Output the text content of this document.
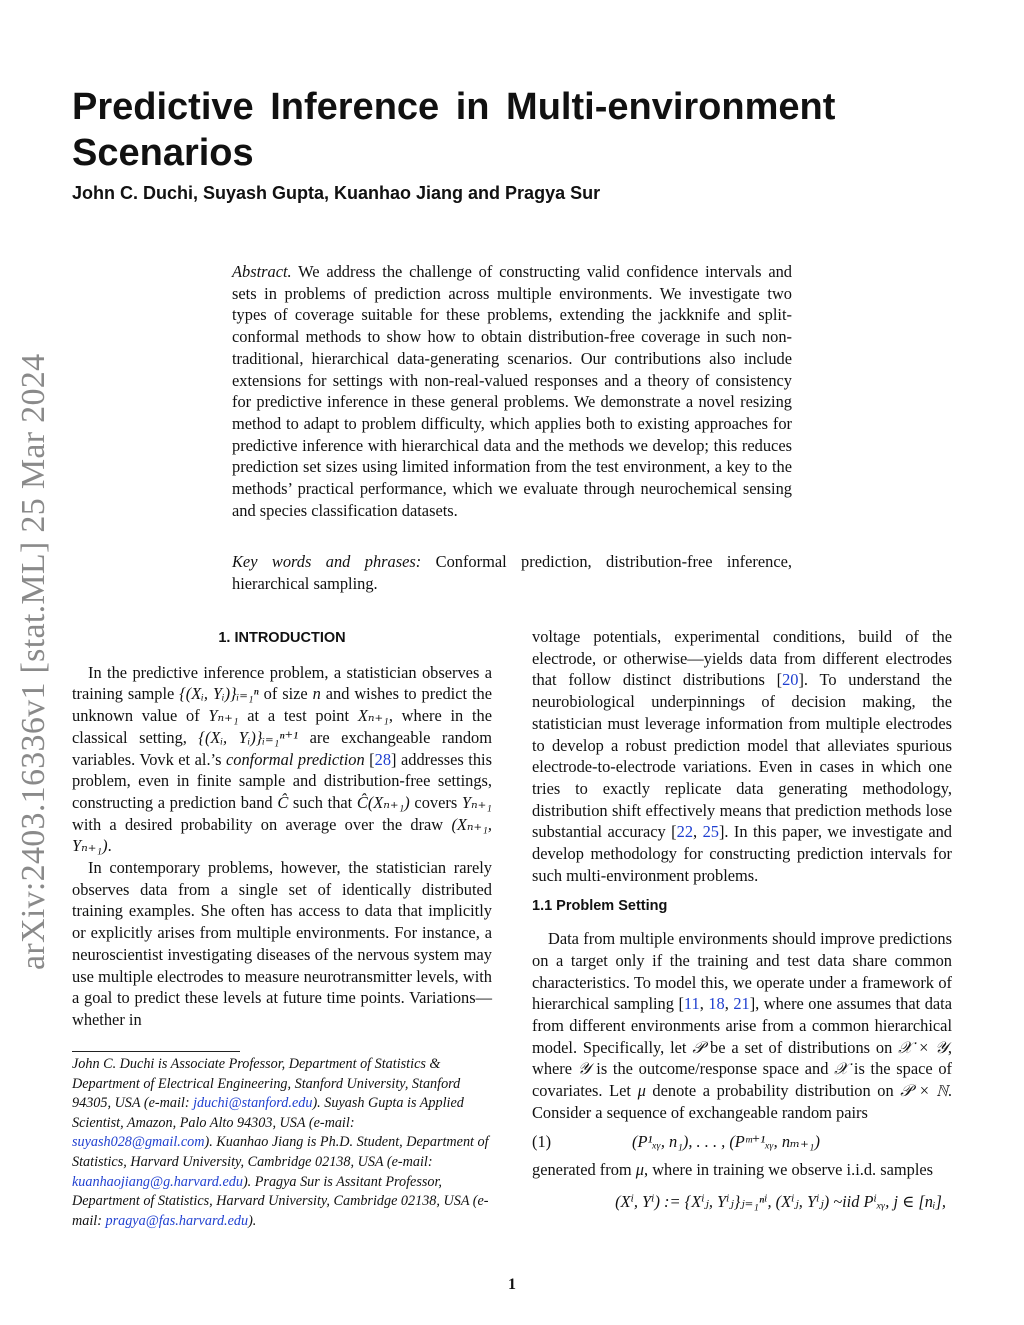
arXiv:2403.16336v1 [stat.ML] 25 Mar 2024
Predictive Inference in Multi-environment Scenarios

John C. Duchi, Suyash Gupta, Kuanhao Jiang and Pragya Sur

Abstract. We address the challenge of constructing valid confidence intervals and sets in problems of prediction across multiple environments. We investigate two types of coverage suitable for these problems, extending the jackknife and split-conformal methods to show how to obtain distribution-free coverage in such non-traditional, hierarchical data-generating scenarios. Our contributions also include extensions for settings with non-real-valued responses and a theory of consistency for predictive inference in these general problems. We demonstrate a novel resizing method to adapt to problem difficulty, which applies both to existing approaches for predictive inference with hierarchical data and the methods we develop; this reduces prediction set sizes using limited information from the test environment, a key to the methods’ practical performance, which we evaluate through neurochemical sensing and species classification datasets.

Key words and phrases: Conformal prediction, distribution-free inference, hierarchical sampling.

1. INTRODUCTION

In the predictive inference problem, a statistician observes a training sample {(Xᵢ, Yᵢ)}ᵢ₌₁ⁿ of size n and wishes to predict the unknown value of Yₙ₊₁ at a test point Xₙ₊₁, where in the classical setting, {(Xᵢ, Yᵢ)}ᵢ₌₁ⁿ⁺¹ are exchangeable random variables. Vovk et al.’s conformal prediction [28] addresses this problem, even in finite sample and distribution-free settings, constructing a prediction band Ĉ such that Ĉ(Xₙ₊₁) covers Yₙ₊₁ with a desired probability on average over the draw (Xₙ₊₁, Yₙ₊₁).

In contemporary problems, however, the statistician rarely observes data from a single set of identically distributed training examples. She often has access to data that implicitly or explicitly arises from multiple environments. For instance, a neuroscientist investigating diseases of the nervous system may use multiple electrodes to measure neurotransmitter levels, with a goal to predict these levels at future time points. Variations—whether in

voltage potentials, experimental conditions, build of the electrode, or otherwise—yields data from different electrodes that follow distinct distributions [20]. To understand the neurobiological underpinnings of decision making, the statistician must leverage information from multiple electrodes to develop a robust prediction model that alleviates spurious electrode-to-electrode variations. Even in cases in which one tries to exactly replicate data generating methodology, distribution shift effectively means that prediction methods lose substantial accuracy [22, 25]. In this paper, we investigate and develop methodology for constructing prediction intervals for such multi-environment problems.

1.1 Problem Setting

Data from multiple environments should improve predictions on a target only if the training and test data share common characteristics. To model this, we operate under a framework of hierarchical sampling [11, 18, 21], where one assumes that data from different environments arise from a common hierarchical model. Specifically, let 𝒫 be a set of distributions on 𝒳 × 𝒴, where 𝒴 is the outcome/response space and 𝒳 is the space of covariates. Let μ denote a probability distribution on 𝒫 × ℕ. Consider a sequence of exchangeable random pairs

(1)	(P¹ₓᵧ, n₁), . . . , (Pᵐ⁺¹ₓᵧ, nₘ₊₁)

generated from μ, where in training we observe i.i.d. samples

(Xⁱ, Yⁱ) := {Xⁱⱼ, Yⁱⱼ}ⱼ₌₁ⁿⁱ, (Xⁱⱼ, Yⁱⱼ) ~iid Pⁱₓᵧ, j ∈ [nᵢ],

John C. Duchi is Associate Professor, Department of Statistics & Department of Electrical Engineering, Stanford University, Stanford 94305, USA (e-mail: jduchi@stanford.edu). Suyash Gupta is Applied Scientist, Amazon, Palo Alto 94303, USA (e-mail: suyash028@gmail.com). Kuanhao Jiang is Ph.D. Student, Department of Statistics, Harvard University, Cambridge 02138, USA (e-mail: kuanhaojiang@g.harvard.edu). Pragya Sur is Assitant Professor, Department of Statistics, Harvard University, Cambridge 02138, USA (e-mail: pragya@fas.harvard.edu).

1
